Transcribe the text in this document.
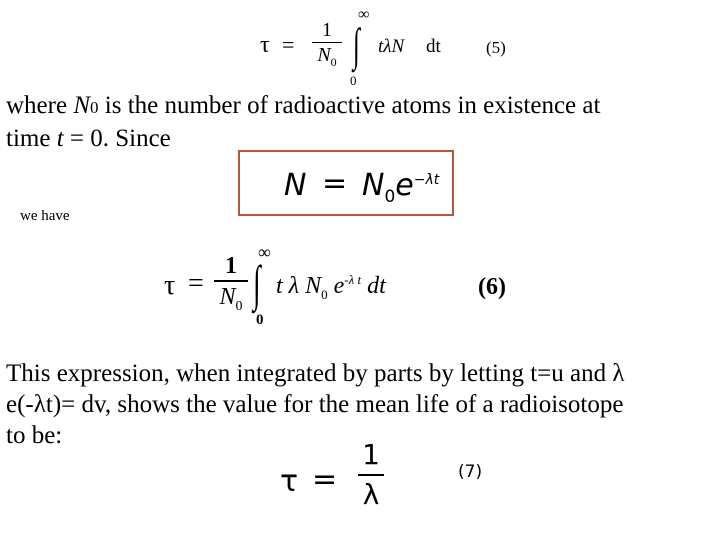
τ =
1
$N_0$
∞
∫
0
tλN dt	(5)
where N0 is the number of radioactive atoms in existence at
time t = 0. Since
$N = N_0e^{-\lambda t}$
we have
τ =
1
$N_0$
∞
∫
0
t λ $N_0$ $e^{-\lambda t}$ dt	(6)
This expression, when integrated by parts by letting t=u and λ
e(-λt)= dv, shows the value for the mean life of a radioisotope
to be:
τ =
1
λ
(7)
